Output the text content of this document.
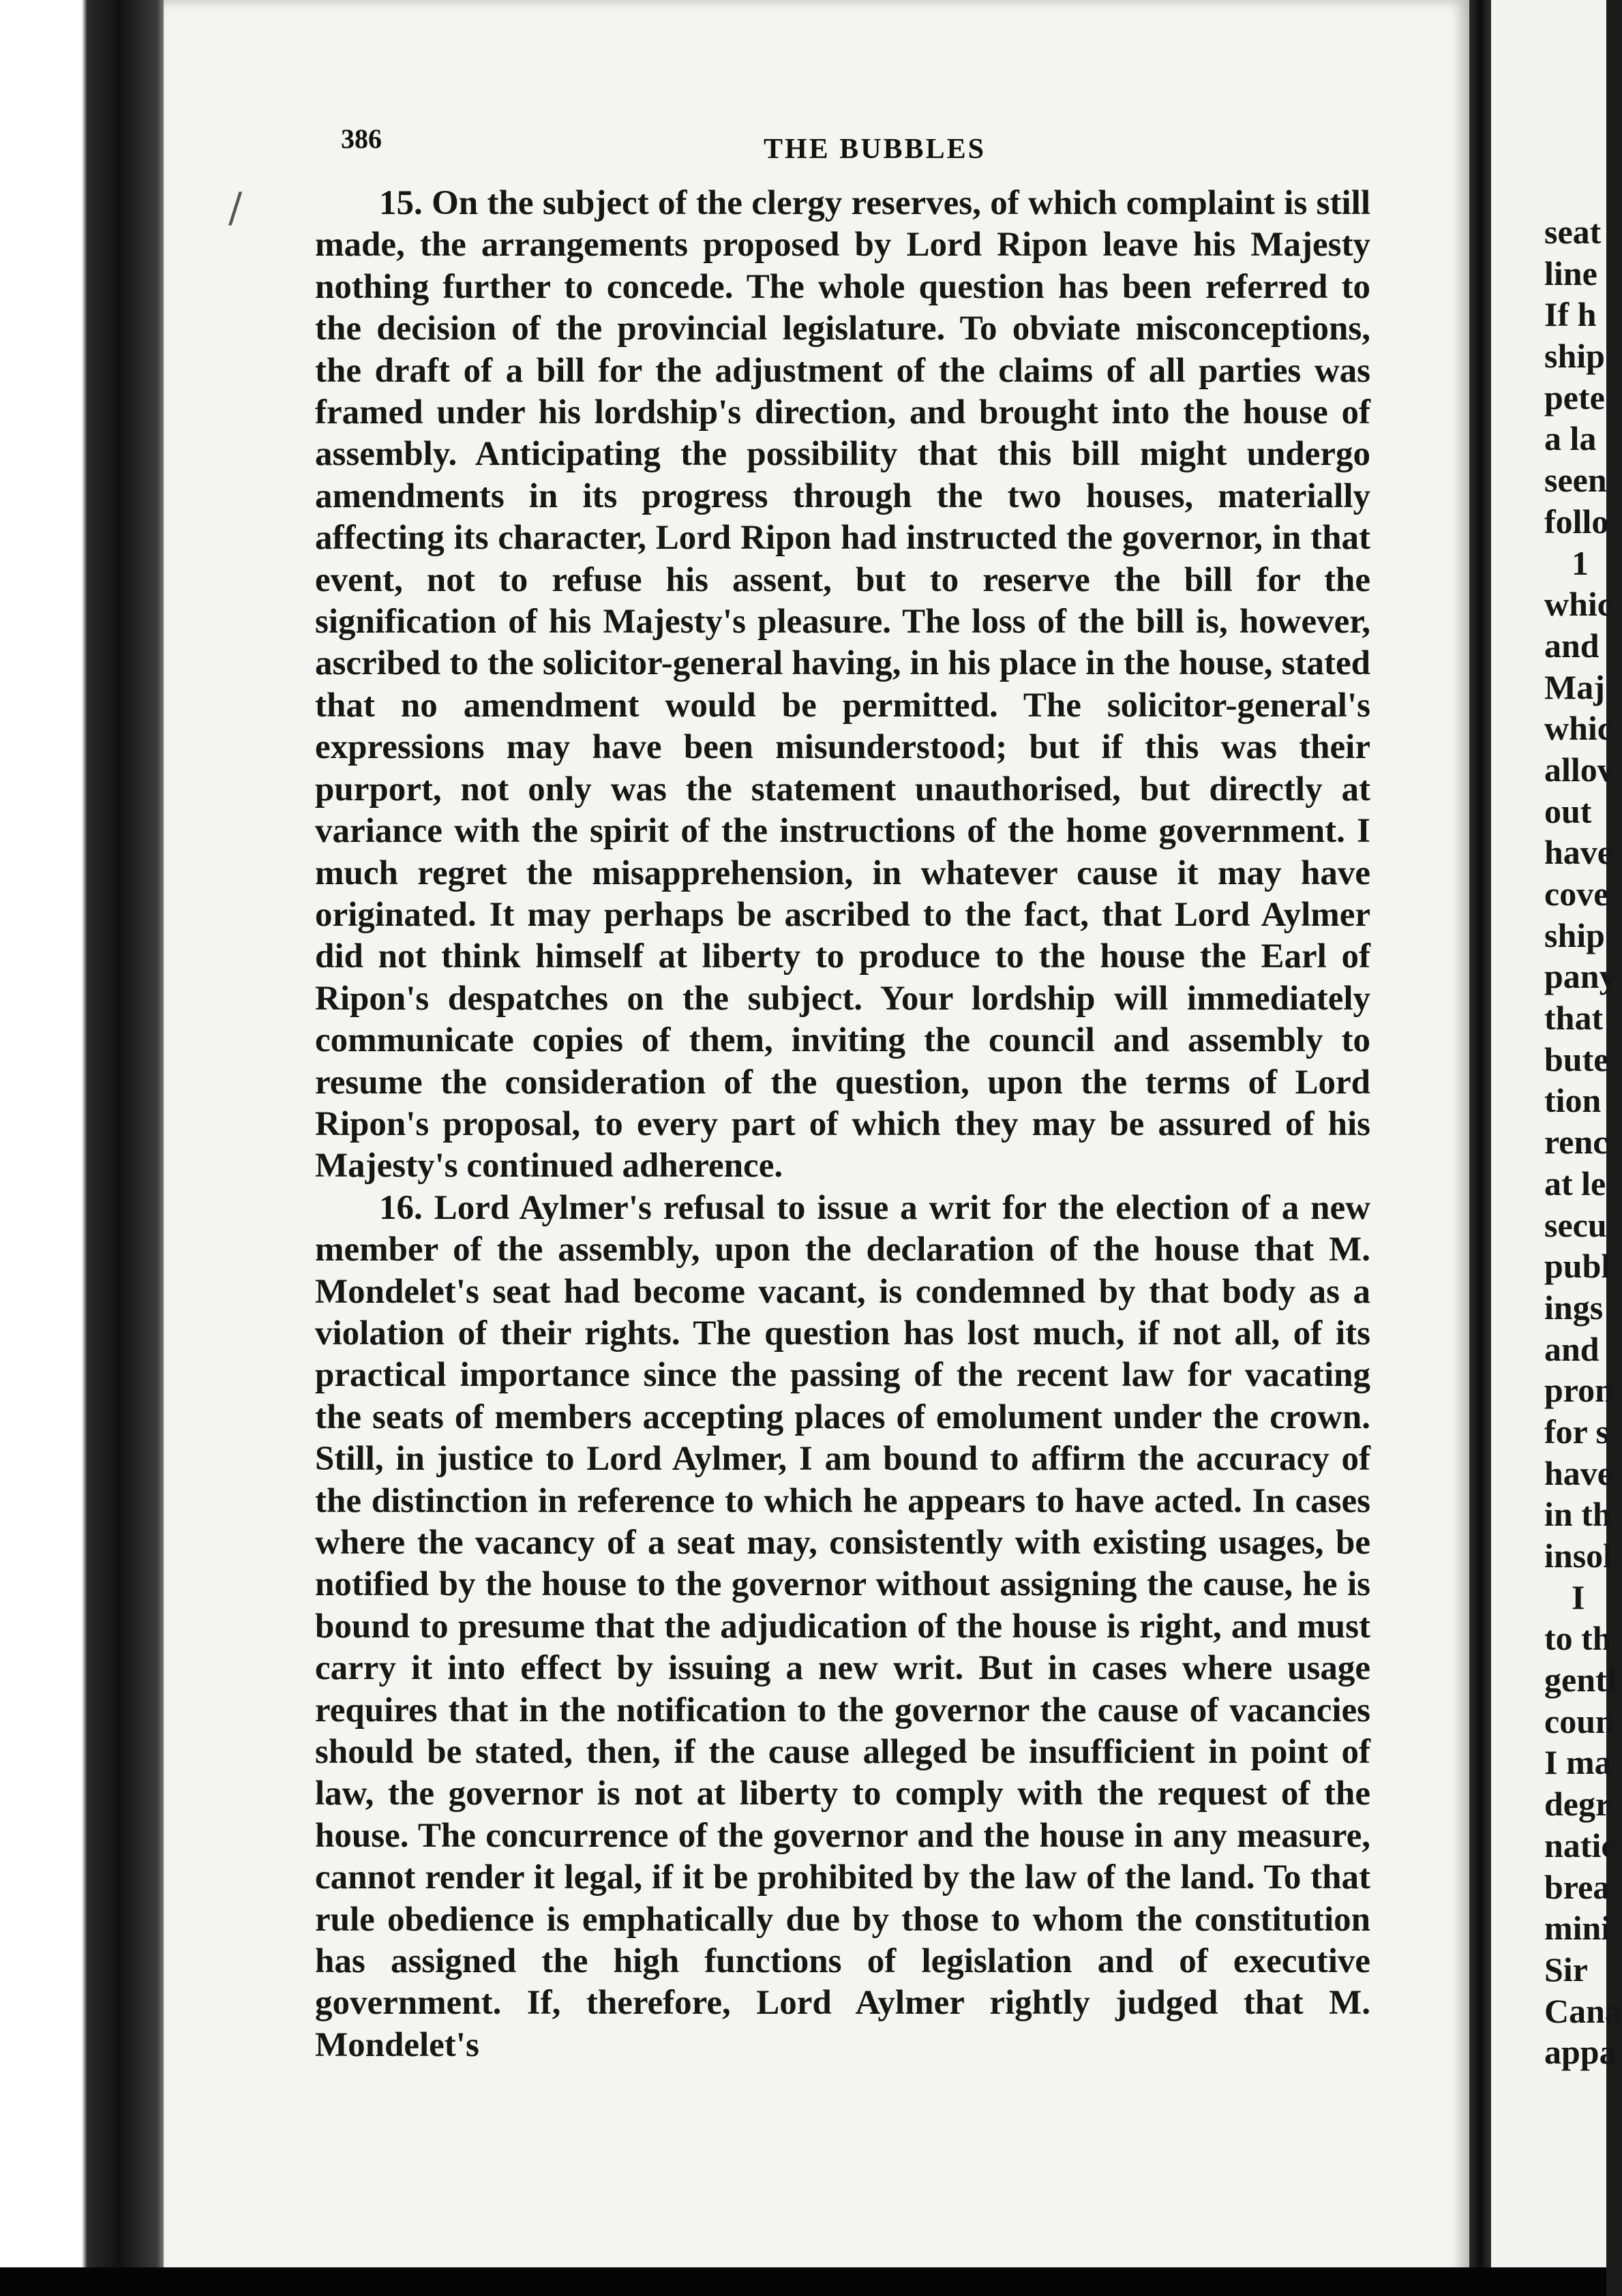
/
386	THE BUBBLES

15. On the subject of the clergy reserves, of which complaint is still made, the arrangements proposed by Lord Ripon leave his Majesty nothing further to concede. The whole question has been referred to the decision of the provincial legislature. To obviate misconceptions, the draft of a bill for the adjustment of the claims of all parties was framed under his lordship's direction, and brought into the house of assembly. Anticipating the possibility that this bill might undergo amendments in its progress through the two houses, materially affecting its character, Lord Ripon had instructed the governor, in that event, not to refuse his assent, but to reserve the bill for the signification of his Majesty's pleasure. The loss of the bill is, however, ascribed to the solicitor-general having, in his place in the house, stated that no amendment would be permitted. The solicitor-general's expressions may have been misunderstood; but if this was their purport, not only was the statement unauthorised, but directly at variance with the spirit of the instructions of the home government. I much regret the misapprehension, in whatever cause it may have originated. It may perhaps be ascribed to the fact, that Lord Aylmer did not think himself at liberty to produce to the house the Earl of Ripon's despatches on the subject. Your lordship will immediately communicate copies of them, inviting the council and assembly to resume the consideration of the question, upon the terms of Lord Ripon's proposal, to every part of which they may be assured of his Majesty's continued adherence.

16. Lord Aylmer's refusal to issue a writ for the election of a new member of the assembly, upon the declaration of the house that M. Mondelet's seat had become vacant, is condemned by that body as a violation of their rights. The question has lost much, if not all, of its practical importance since the passing of the recent law for vacating the seats of members accepting places of emolument under the crown. Still, in justice to Lord Aylmer, I am bound to affirm the accuracy of the distinction in reference to which he appears to have acted. In cases where the vacancy of a seat may, consistently with existing usages, be notified by the house to the governor without assigning the cause, he is bound to presume that the adjudication of the house is right, and must carry it into effect by issuing a new writ. But in cases where usage requires that in the notification to the governor the cause of vacancies should be stated, then, if the cause alleged be insufficient in point of law, the governor is not at liberty to comply with the request of the house. The concurrence of the governor and the house in any measure, cannot render it legal, if it be prohibited by the law of the land. To that rule obedience is emphatically due by those to whom the constitution has assigned the high functions of legislation and of executive government. If, therefore, Lord Aylmer rightly judged that M. Mondelet's

seat
line
If h
ship
pete
a la
seen
follo
1
whic
and
Maj
whic
allov
out
have
cove
ship
pany
that
bute
tion
renc
at le
secu
publ
ings
and
pron
for s
have
in th
insol
I
to th
gentl
coun
I ma
degr
natic
brea
mini
Sir
Cana
appa
